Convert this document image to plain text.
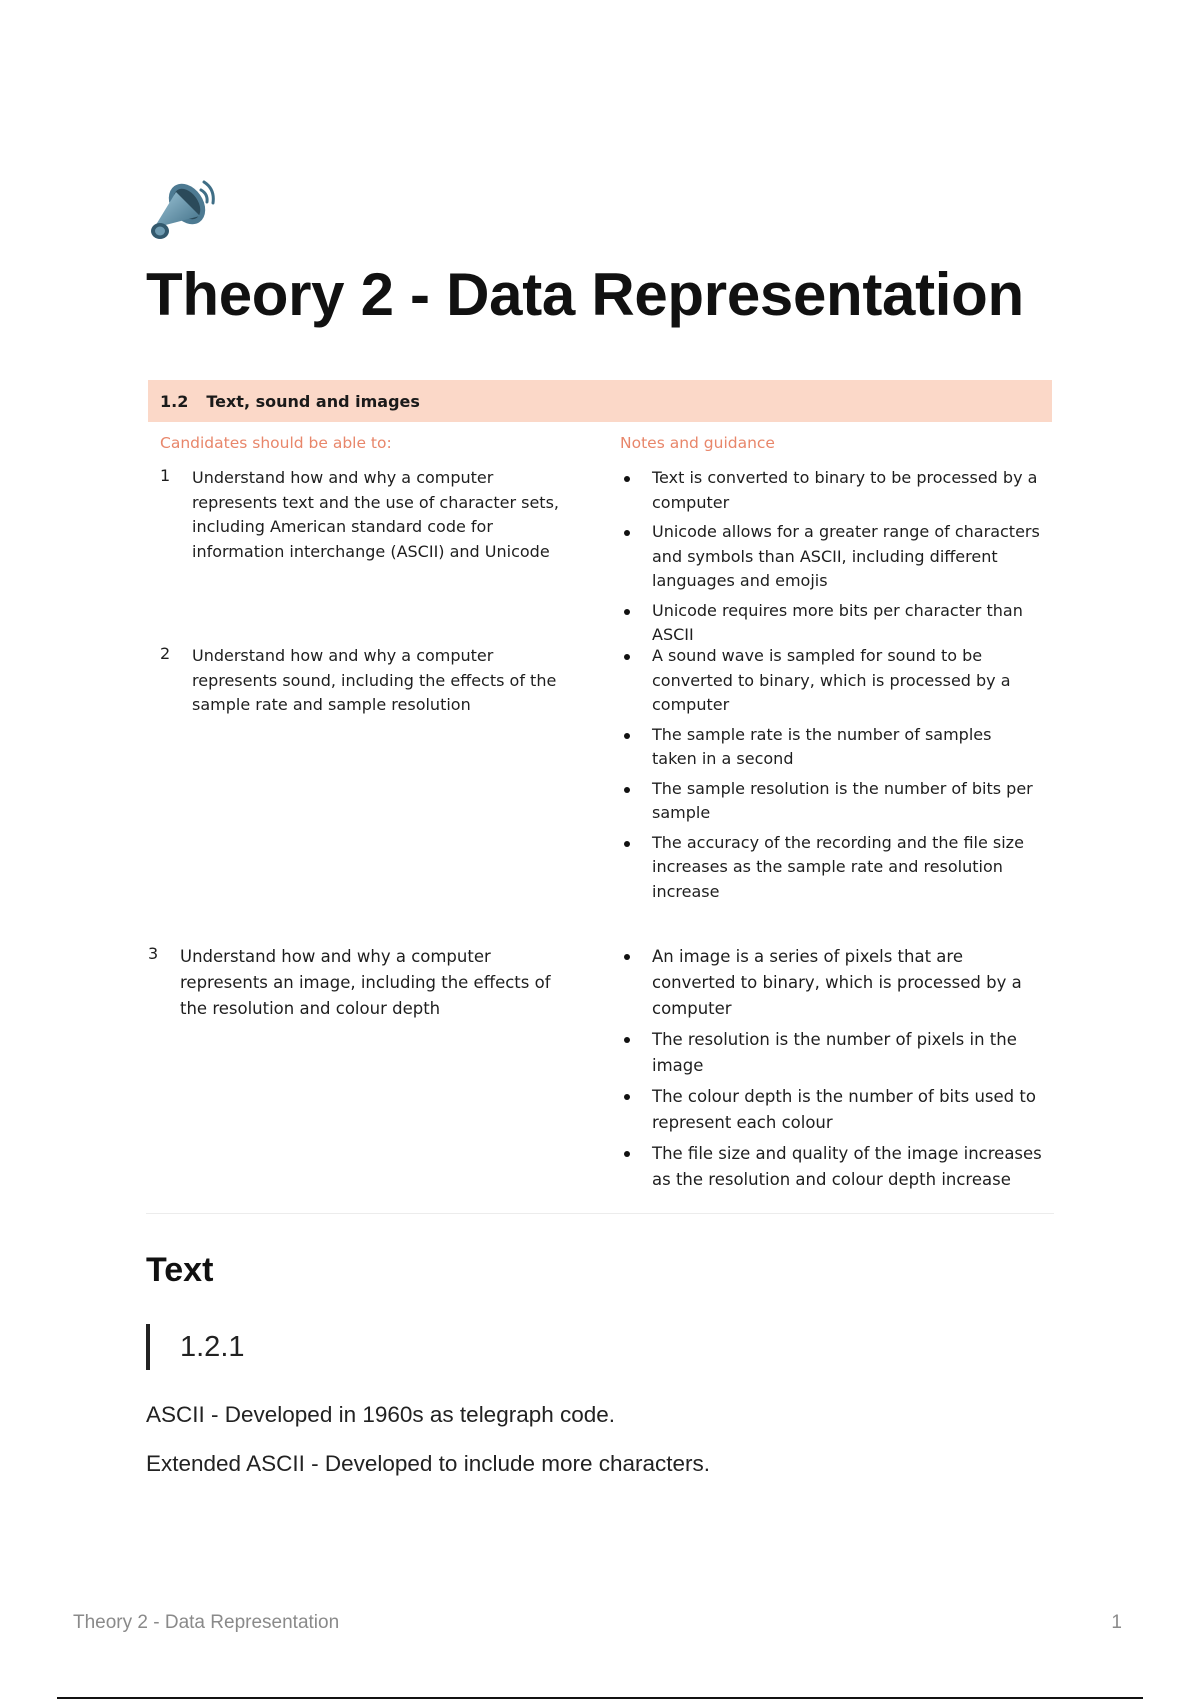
Theory 2 - Data Representation
1.2 Text, sound and images
Candidates should be able to:	Notes and guidance
1 Understand how and why a computer represents text and the use of character sets, including American standard code for information interchange (ASCII) and Unicode
Text is converted to binary to be processed by a computer
Unicode allows for a greater range of characters and symbols than ASCII, including different languages and emojis
Unicode requires more bits per character than ASCII
2 Understand how and why a computer represents sound, including the effects of the sample rate and sample resolution
A sound wave is sampled for sound to be converted to binary, which is processed by a computer
The sample rate is the number of samples taken in a second
The sample resolution is the number of bits per sample
The accuracy of the recording and the file size increases as the sample rate and resolution increase
3 Understand how and why a computer represents an image, including the effects of the resolution and colour depth
An image is a series of pixels that are converted to binary, which is processed by a computer
The resolution is the number of pixels in the image
The colour depth is the number of bits used to represent each colour
The file size and quality of the image increases as the resolution and colour depth increase
Text
1.2.1

ASCII - Developed in 1960s as telegraph code.

Extended ASCII - Developed to include more characters.

Theory 2 - Data Representation	1
